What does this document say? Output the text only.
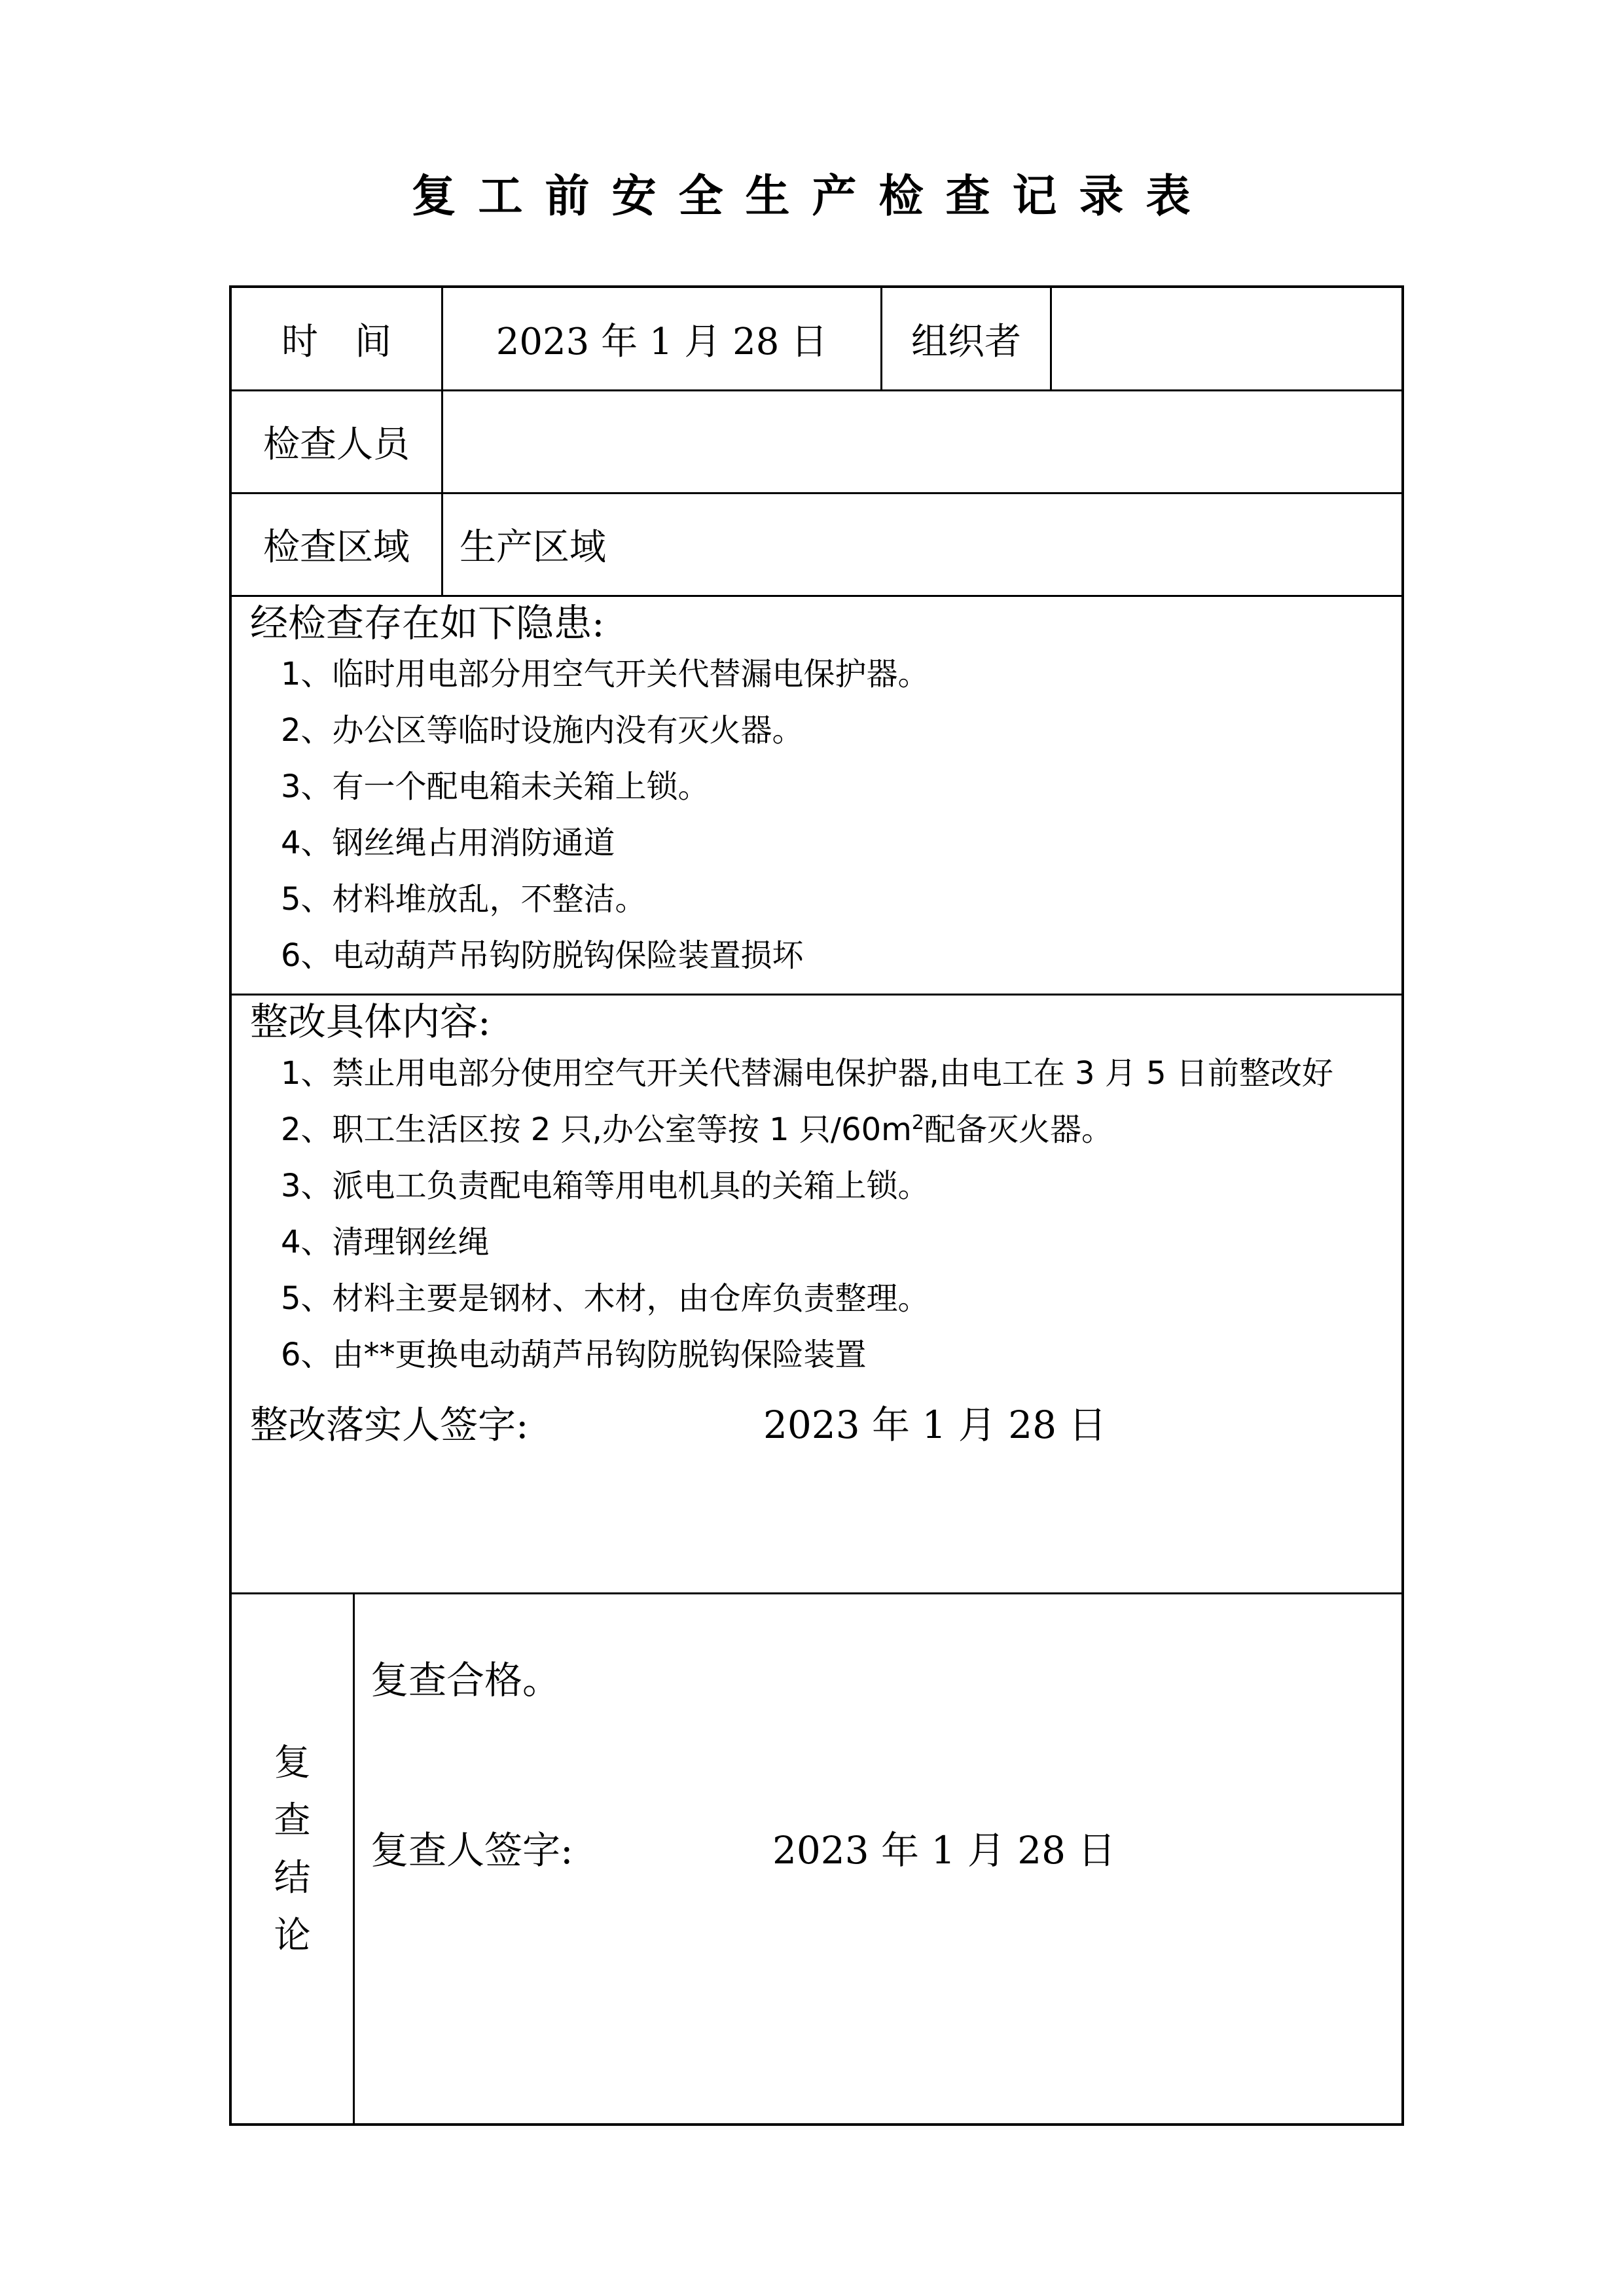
复工前安全生产检查记录表
时　间	2023 年 1 月 28 日	组织者
检查人员
检查区域	生产区域
经检查存在如下隐患:
1、临时用电部分用空气开关代替漏电保护器。
2、办公区等临时设施内没有灭火器。
3、有一个配电箱未关箱上锁。
4、钢丝绳占用消防通道
5、材料堆放乱，不整洁。
6、电动葫芦吊钩防脱钩保险装置损坏
整改具体内容:
1、禁止用电部分使用空气开关代替漏电保护器,由电工在 3 月 5 日前整改好
2、职工生活区按 2 只,办公室等按 1 只$/60m^2$配备灭火器。
3、派电工负责配电箱等用电机具的关箱上锁。
4、清理钢丝绳
5、材料主要是钢材、木材，由仓库负责整理。
6、由**更换电动葫芦吊钩防脱钩保险装置
整改落实人签字:	2023 年 1 月 28 日
复
查
结
论
复查合格。
复查人签字:	2023 年 1 月 28 日
